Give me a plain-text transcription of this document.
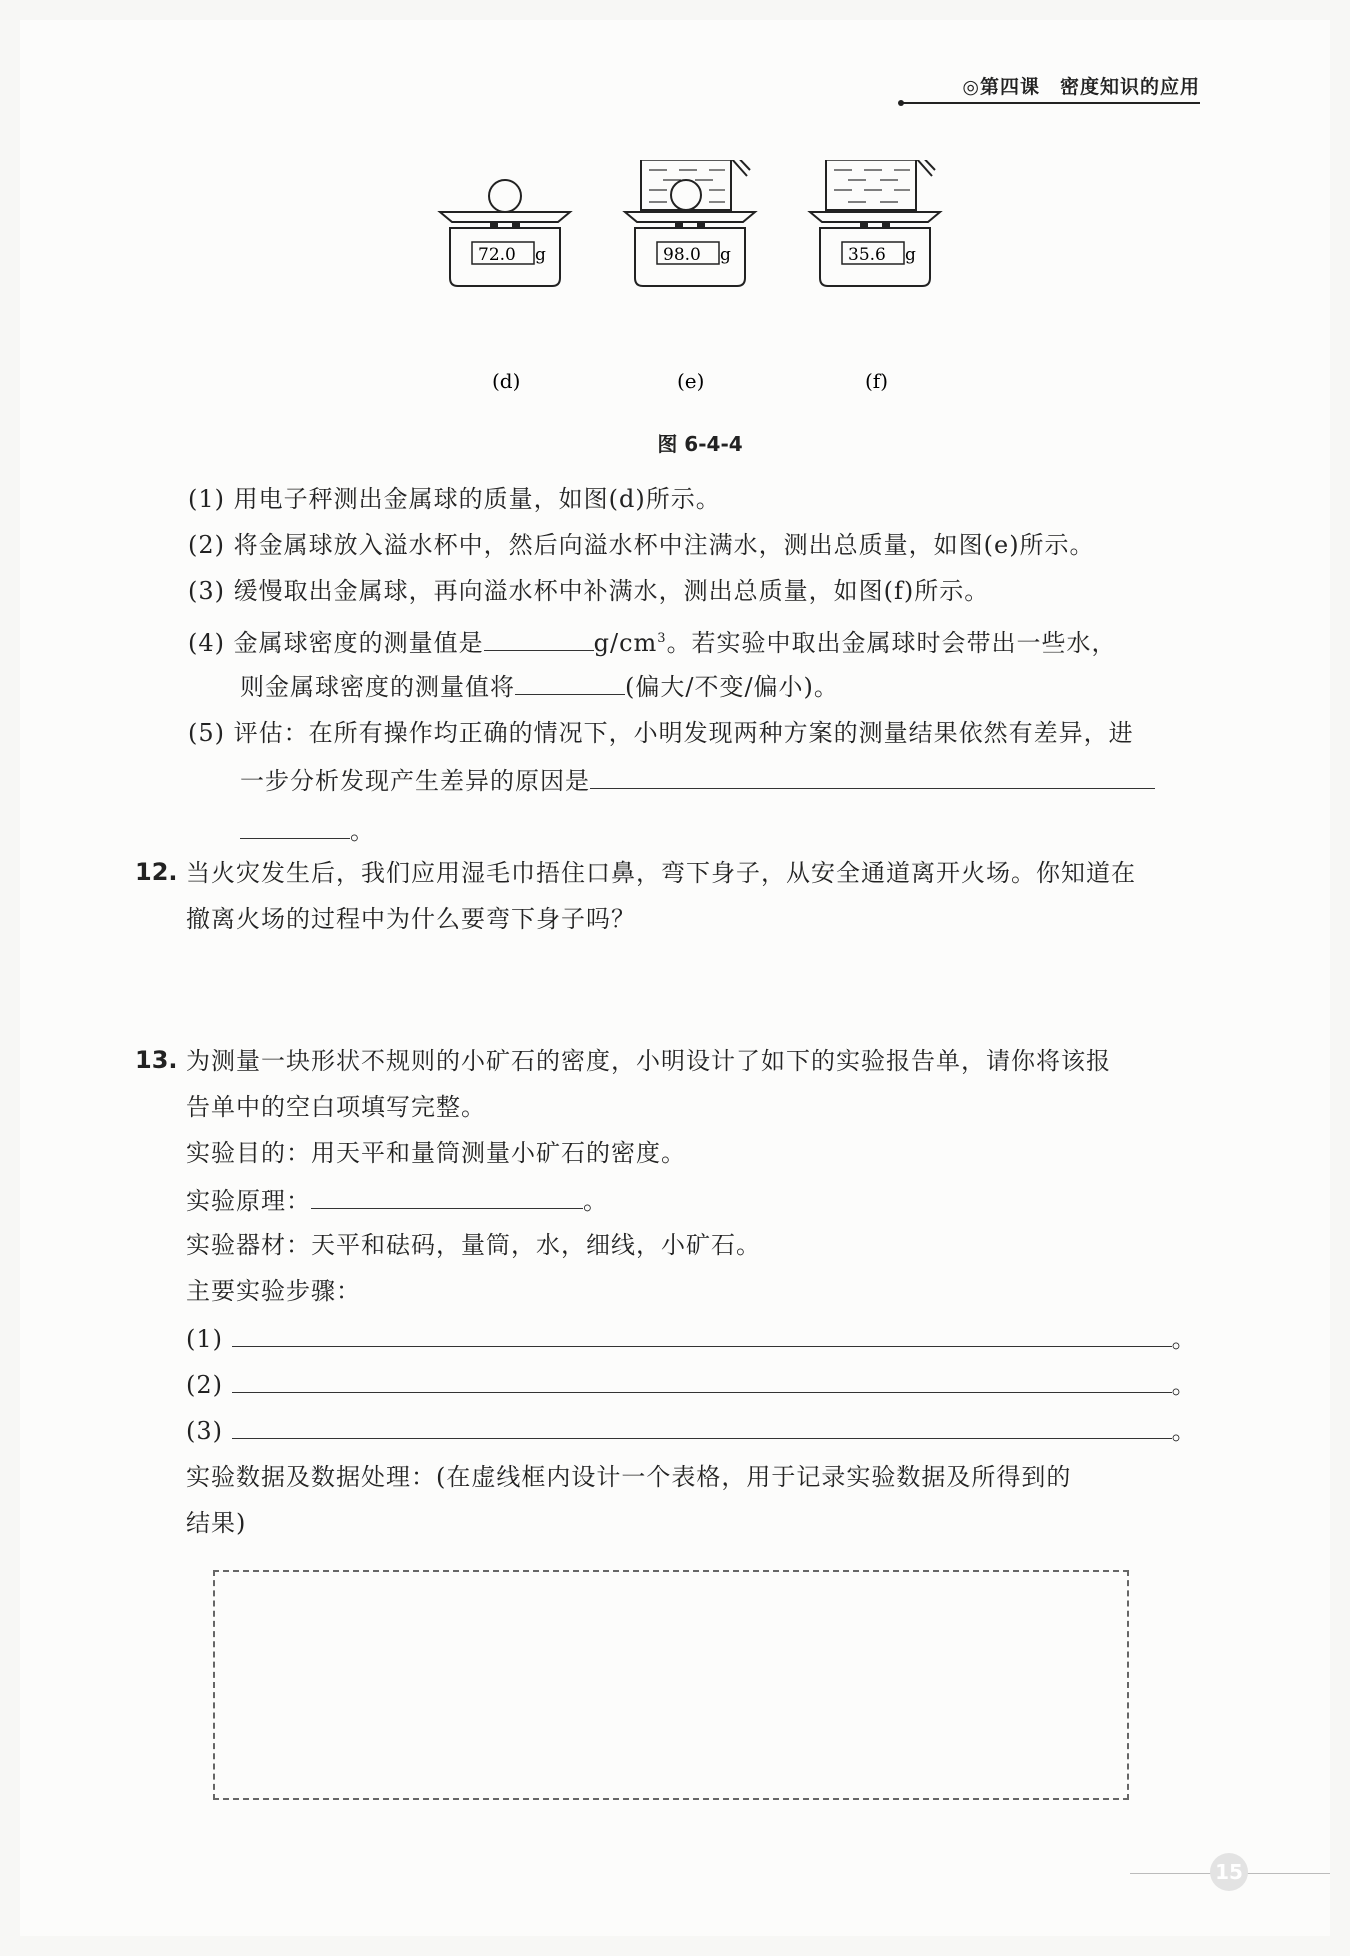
◎第四课　密度知识的应用
72.0 g
(d)
98.0 g
(e)
35.6 g
(f)
图 6-4-4
(1) 用电子秤测出金属球的质量，如图(d)所示。
(2) 将金属球放入溢水杯中，然后向溢水杯中注满水，测出总质量，如图(e)所示。
(3) 缓慢取出金属球，再向溢水杯中补满水，测出总质量，如图(f)所示。
(4) 金属球密度的测量值是	$g/cm^3$。若实验中取出金属球时会带出一些水，
则金属球密度的测量值将	(偏大/不变/偏小)。
(5) 评估：在所有操作均正确的情况下，小明发现两种方案的测量结果依然有差异，进
一步分析发现产生差异的原因是
。
12. 当火灾发生后，我们应用湿毛巾捂住口鼻，弯下身子，从安全通道离开火场。你知道在
撤离火场的过程中为什么要弯下身子吗？
13. 为测量一块形状不规则的小矿石的密度，小明设计了如下的实验报告单，请你将该报
告单中的空白项填写完整。
实验目的：用天平和量筒测量小矿石的密度。
实验原理：	。
实验器材：天平和砝码，量筒，水，细线，小矿石。
主要实验步骤：
(1)	。
(2)	。
(3)	。
实验数据及数据处理：(在虚线框内设计一个表格，用于记录实验数据及所得到的
结果)
15
